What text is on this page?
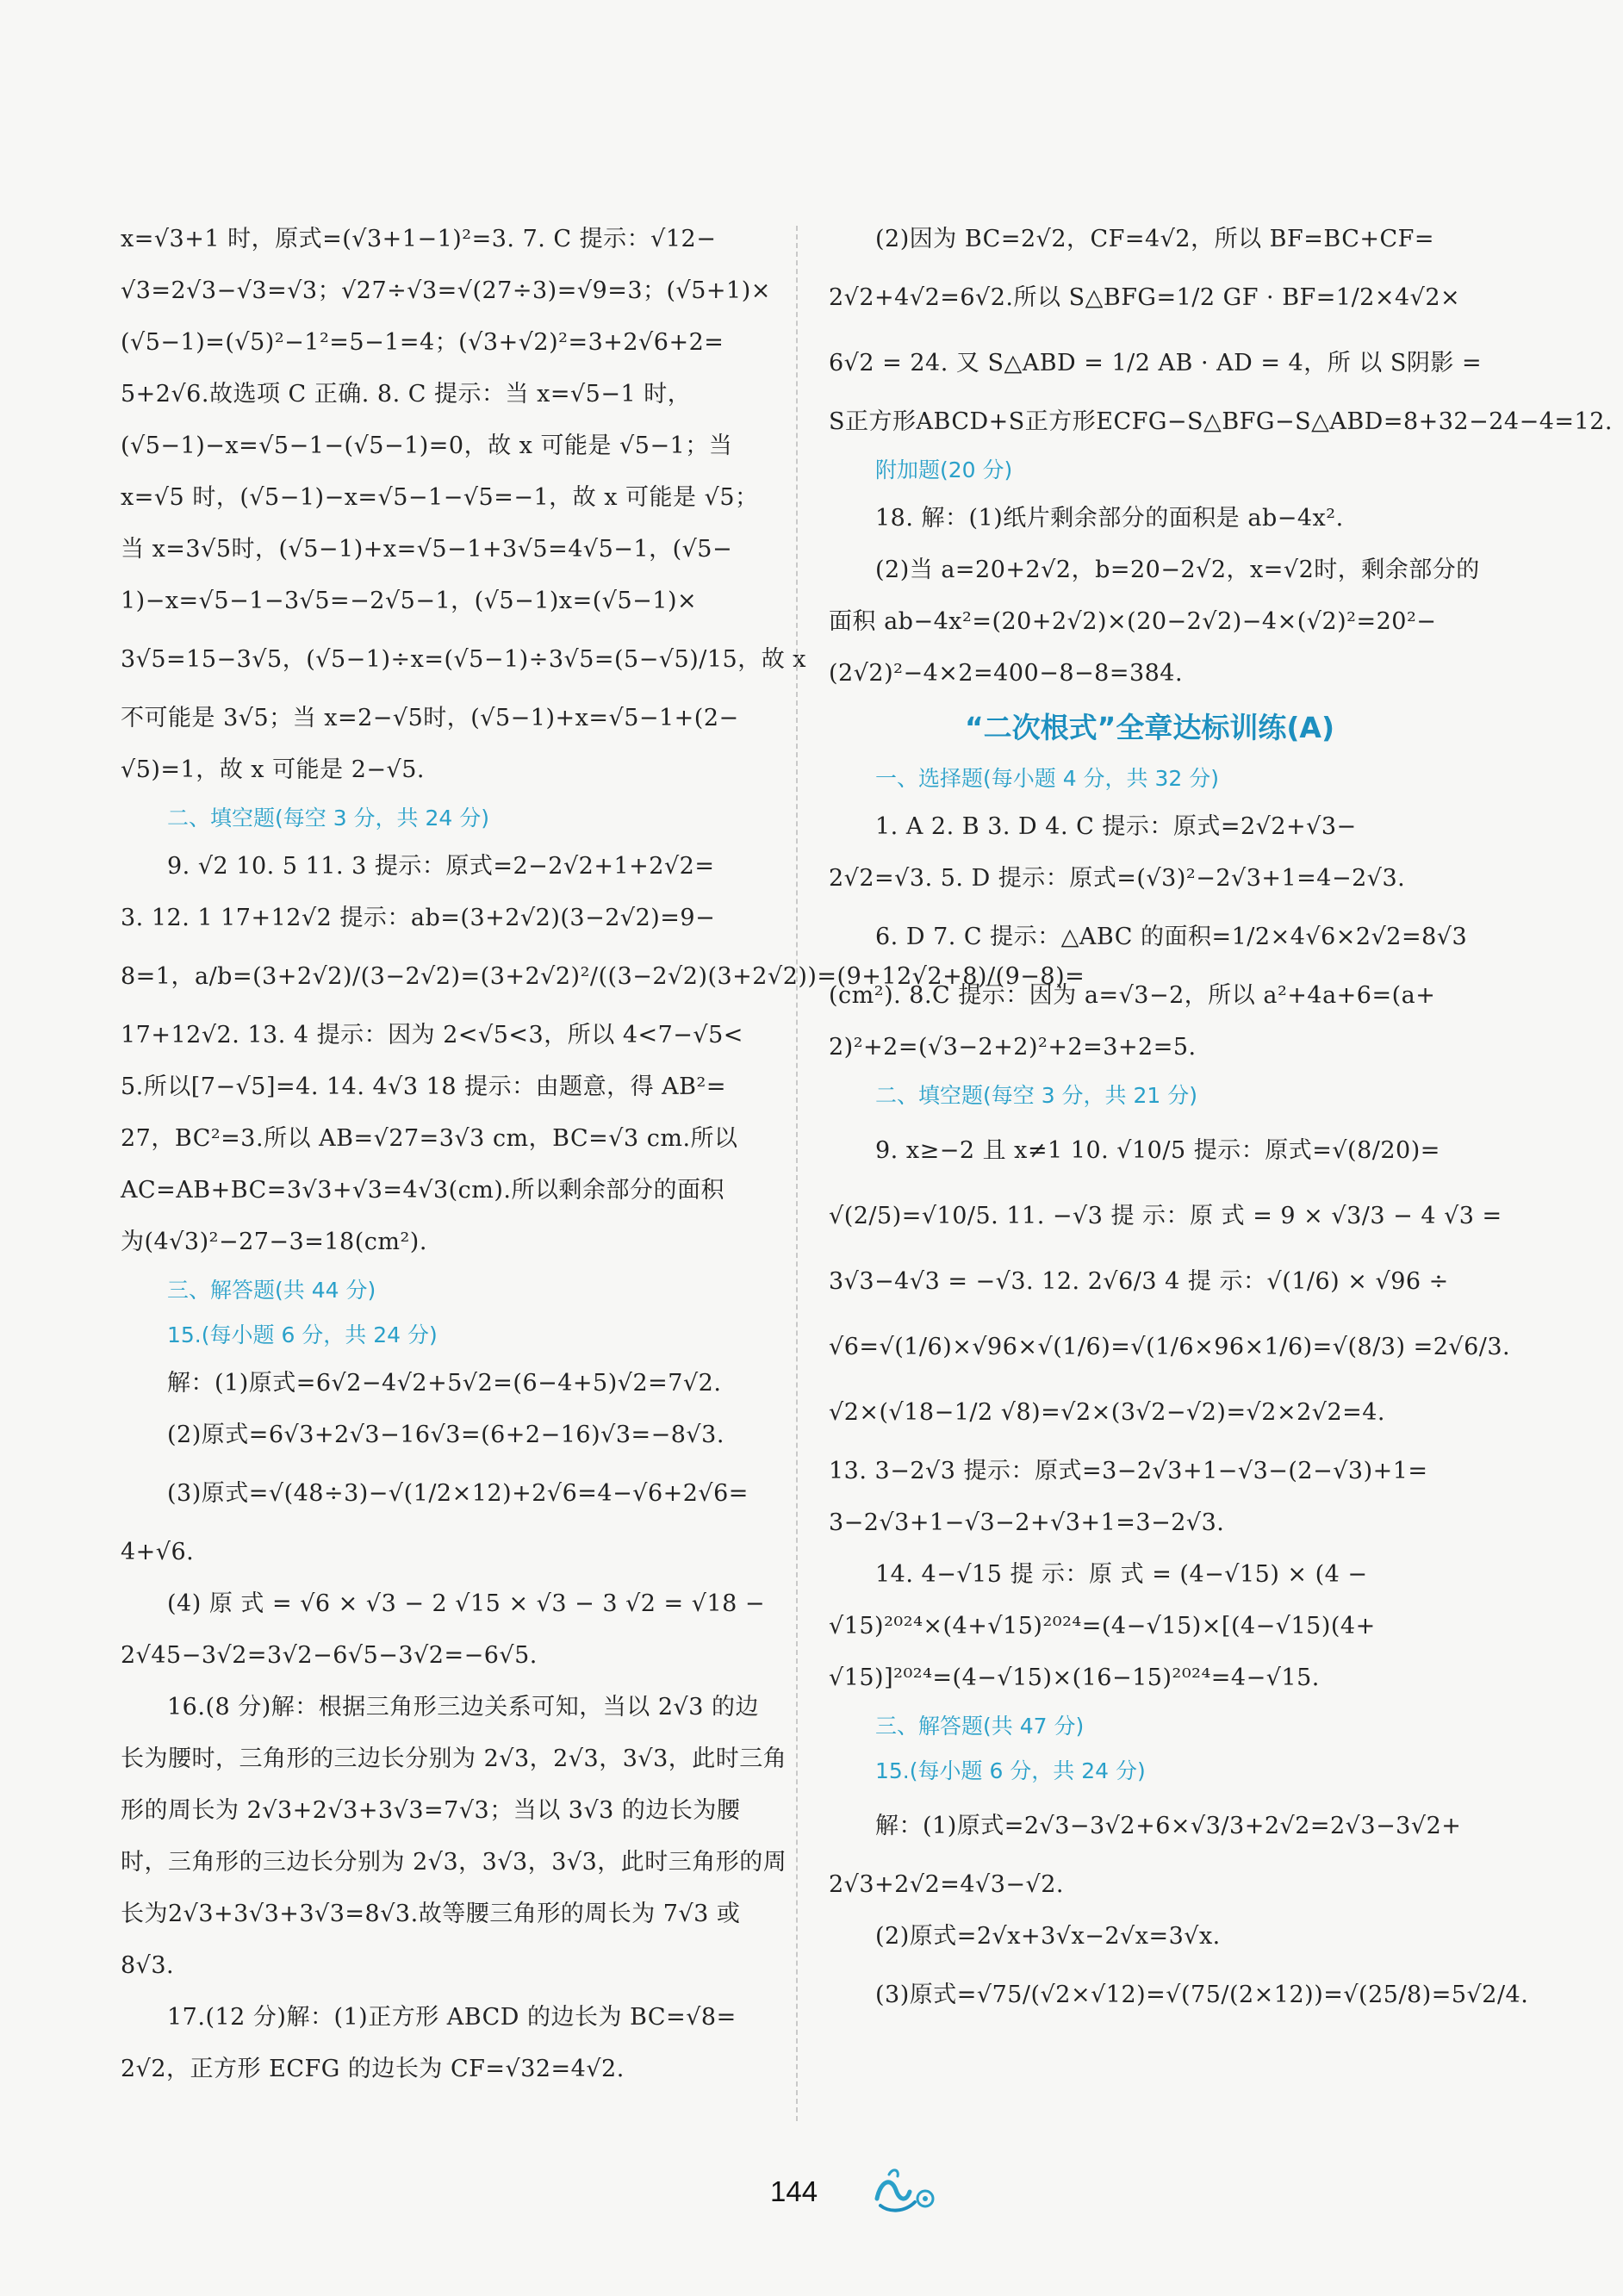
x=√3+1 时，原式=(√3+1−1)²=3. 7. C 提示：√12−
√3=2√3−√3=√3；√27÷√3=√(27÷3)=√9=3；(√5+1)×
(√5−1)=(√5)²−1²=5−1=4；(√3+√2)²=3+2√6+2=
5+2√6.故选项 C 正确. 8. C 提示：当 x=√5−1 时，
(√5−1)−x=√5−1−(√5−1)=0，故 x 可能是 √5−1；当
x=√5 时，(√5−1)−x=√5−1−√5=−1，故 x 可能是 √5；
当 x=3√5时，(√5−1)+x=√5−1+3√5=4√5−1，(√5−
1)−x=√5−1−3√5=−2√5−1，(√5−1)x=(√5−1)×
3√5=15−3√5，(√5−1)÷x=(√5−1)÷3√5=(5−√5)/15，故 x
不可能是 3√5；当 x=2−√5时，(√5−1)+x=√5−1+(2−
√5)=1，故 x 可能是 2−√5.
二、填空题(每空 3 分，共 24 分)
9. √2 10. 5 11. 3 提示：原式=2−2√2+1+2√2=
3. 12. 1 17+12√2 提示：ab=(3+2√2)(3−2√2)=9−
8=1，a/b=(3+2√2)/(3−2√2)=(3+2√2)²/((3−2√2)(3+2√2))=(9+12√2+8)/(9−8)=
17+12√2. 13. 4 提示：因为 2<√5<3，所以 4<7−√5<
5.所以[7−√5]=4. 14. 4√3 18 提示：由题意，得 AB²=
27，BC²=3.所以 AB=√27=3√3 cm，BC=√3 cm.所以
AC=AB+BC=3√3+√3=4√3(cm).所以剩余部分的面积
为(4√3)²−27−3=18(cm²).
三、解答题(共 44 分)
15.(每小题 6 分，共 24 分)
解：(1)原式=6√2−4√2+5√2=(6−4+5)√2=7√2.
(2)原式=6√3+2√3−16√3=(6+2−16)√3=−8√3.
(3)原式=√(48÷3)−√(1/2×12)+2√6=4−√6+2√6=
4+√6.
(4) 原 式 = √6 × √3 − 2 √15 × √3 − 3 √2 = √18 −
2√45−3√2=3√2−6√5−3√2=−6√5.
16.(8 分)解：根据三角形三边关系可知，当以 2√3 的边
长为腰时，三角形的三边长分别为 2√3，2√3，3√3，此时三角
形的周长为 2√3+2√3+3√3=7√3；当以 3√3 的边长为腰
时，三角形的三边长分别为 2√3，3√3，3√3，此时三角形的周
长为2√3+3√3+3√3=8√3.故等腰三角形的周长为 7√3 或
8√3.
17.(12 分)解：(1)正方形 ABCD 的边长为 BC=√8=
2√2，正方形 ECFG 的边长为 CF=√32=4√2.
(2)因为 BC=2√2，CF=4√2，所以 BF=BC+CF=
2√2+4√2=6√2.所以 S△BFG=1/2 GF · BF=1/2×4√2×
6√2 = 24. 又 S△ABD = 1/2 AB · AD = 4，所 以 S阴影 =
S正方形ABCD+S正方形ECFG−S△BFG−S△ABD=8+32−24−4=12.
附加题(20 分)
18. 解：(1)纸片剩余部分的面积是 ab−4x².
(2)当 a=20+2√2，b=20−2√2，x=√2时，剩余部分的
面积 ab−4x²=(20+2√2)×(20−2√2)−4×(√2)²=20²−
(2√2)²−4×2=400−8−8=384.
“二次根式”全章达标训练(A)
一、选择题(每小题 4 分，共 32 分)
1. A 2. B 3. D 4. C 提示：原式=2√2+√3−
2√2=√3. 5. D 提示：原式=(√3)²−2√3+1=4−2√3.
6. D 7. C 提示：△ABC 的面积=1/2×4√6×2√2=8√3
(cm²). 8.C 提示：因为 a=√3−2，所以 a²+4a+6=(a+
2)²+2=(√3−2+2)²+2=3+2=5.
二、填空题(每空 3 分，共 21 分)
9. x≥−2 且 x≠1 10. √10/5 提示：原式=√(8/20)=
√(2/5)=√10/5. 11. −√3 提 示：原 式 = 9 × √3/3 − 4 √3 =
3√3−4√3 = −√3. 12. 2√6/3 4 提 示：√(1/6) × √96 ÷
√6=√(1/6)×√96×√(1/6)=√(1/6×96×1/6)=√(8/3) =2√6/3.
√2×(√18−1/2 √8)=√2×(3√2−√2)=√2×2√2=4.
13. 3−2√3 提示：原式=3−2√3+1−√3−(2−√3)+1=
3−2√3+1−√3−2+√3+1=3−2√3.
14. 4−√15 提 示：原 式 = (4−√15) × (4 −
√15)²⁰²⁴×(4+√15)²⁰²⁴=(4−√15)×[(4−√15)(4+
√15)]²⁰²⁴=(4−√15)×(16−15)²⁰²⁴=4−√15.
三、解答题(共 47 分)
15.(每小题 6 分，共 24 分)
解：(1)原式=2√3−3√2+6×√3/3+2√2=2√3−3√2+
2√3+2√2=4√3−√2.
(2)原式=2√x+3√x−2√x=3√x.
(3)原式=√75/(√2×√12)=√(75/(2×12))=√(25/8)=5√2/4.
144
